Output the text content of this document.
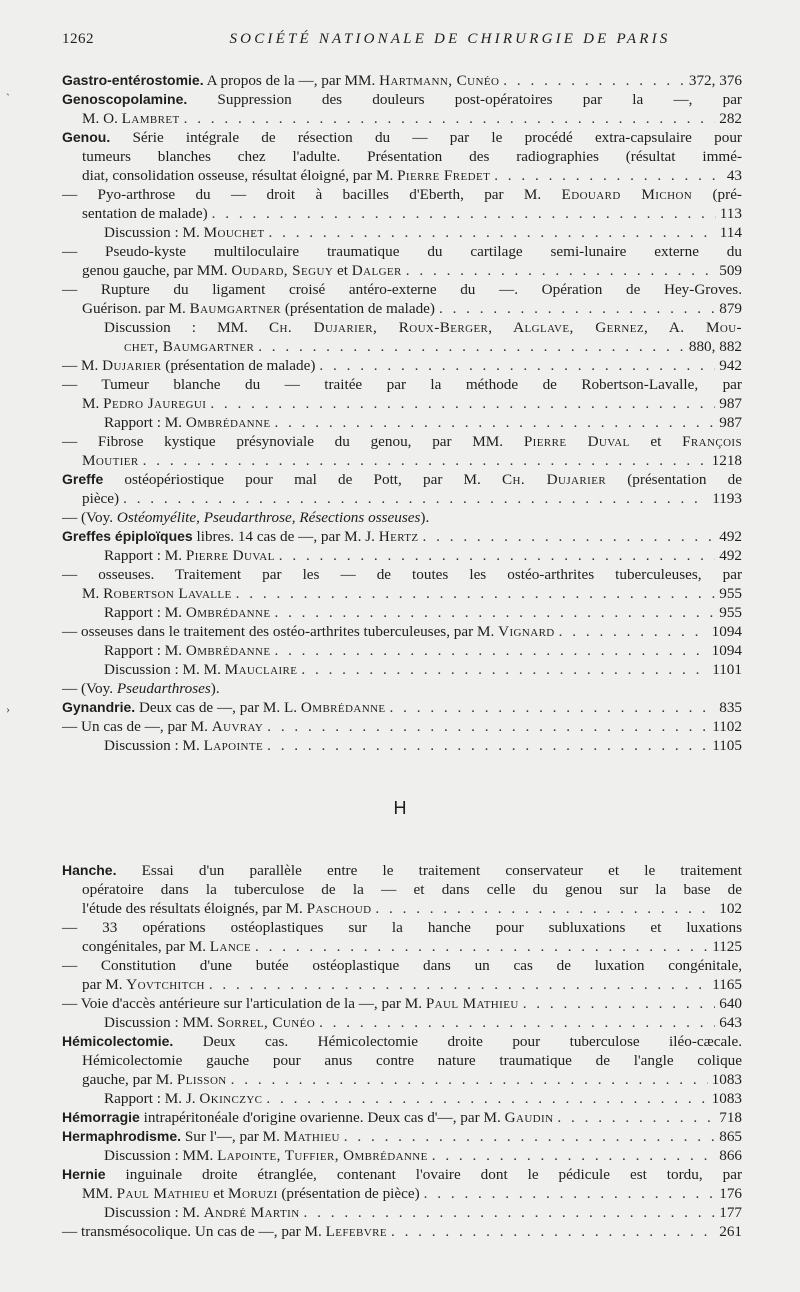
1262	SOCIÉTÉ NATIONALE DE CHIRURGIE DE PARIS
ˎ
›
Gastro-entérostomie. A propos de la —, par MM. Hartmann, Cunéo . . .	372, 376
Genoscopolamine. Suppression des douleurs post-opératoires par la —, par
M. O. Lambret . . .	282
Genou. Série intégrale de résection du — par le procédé extra-capsulaire pour
tumeurs blanches chez l'adulte. Présentation des radiographies (résultat immé-
diat, consolidation osseuse, résultat éloigné, par M. Pierre Fredet . . .	43
— Pyo-arthrose du — droit à bacilles d'Eberth, par M. Edouard Michon (pré-
sentation de malade) . . .	113
Discussion : M. Mouchet . . .	114
— Pseudo-kyste multiloculaire traumatique du cartilage semi-lunaire externe du
genou gauche, par MM. Oudard, Seguy et Dalger . . .	509
— Rupture du ligament croisé antéro-externe du —. Opération de Hey-Groves.
Guérison. par M. Baumgartner (présentation de malade) . . .	879
Discussion : MM. Ch. Dujarier, Roux-Berger, Alglave, Gernez, A. Mou-
chet, Baumgartner . . .	880, 882
— M. Dujarier (présentation de malade) . . .	942
— Tumeur blanche du — traitée par la méthode de Robertson-Lavalle, par
M. Pedro Jauregui . . .	987
Rapport : M. Ombrédanne . . .	987
— Fibrose kystique présynoviale du genou, par MM. Pierre Duval et François
Moutier . . .	1218
Greffe ostéopériostique pour mal de Pott, par M. Ch. Dujarier (présentation de
pièce) . . .	1193
— (Voy. Ostéomyélite, Pseudarthrose, Résections osseuses).
Greffes épiploïques libres. 14 cas de —, par M. J. Hertz . . .	492
Rapport : M. Pierre Duval . . .	492
— osseuses. Traitement par les — de toutes les ostéo-arthrites tuberculeuses, par
M. Robertson Lavalle . . .	955
Rapport : M. Ombrédanne . . .	955
— osseuses dans le traitement des ostéo-arthrites tuberculeuses, par M. Vignard . . .	1094
Rapport : M. Ombrédanne . . .	1094
Discussion : M. M. Mauclaire . . .	1101
— (Voy. Pseudarthroses).
Gynandrie. Deux cas de —, par M. L. Ombrédanne . . .	835
— Un cas de —, par M. Auvray . . .	1102
Discussion : M. Lapointe . . .	1105
H
Hanche. Essai d'un parallèle entre le traitement conservateur et le traitement
opératoire dans la tuberculose de la — et dans celle du genou sur la base de
l'étude des résultats éloignés, par M. Paschoud . . .	102
— 33 opérations ostéoplastiques sur la hanche pour subluxations et luxations
congénitales, par M. Lance . . .	1125
— Constitution d'une butée ostéoplastique dans un cas de luxation congénitale,
par M. Yovtchitch . . .	1165
— Voie d'accès antérieure sur l'articulation de la —, par M. Paul Mathieu . . .	640
Discussion : MM. Sorrel, Cunéo . . .	643
Hémicolectomie. Deux cas. Hémicolectomie droite pour tuberculose iléo-cæcale.
Hémicolectomie gauche pour anus contre nature traumatique de l'angle colique
gauche, par M. Plisson . . .	1083
Rapport : M. J. Okinczyc . . .	1083
Hémorragie intrapéritonéale d'origine ovarienne. Deux cas d'—, par M. Gaudin . . .	718
Hermaphrodisme. Sur l'—, par M. Mathieu . . .	865
Discussion : MM. Lapointe, Tuffier, Ombrédanne . . .	866
Hernie inguinale droite étranglée, contenant l'ovaire dont le pédicule est tordu, par
MM. Paul Mathieu et Moruzi (présentation de pièce) . . .	176
Discussion : M. André Martin . . .	177
— transmésocolique. Un cas de —, par M. Lefebvre . . .	261
